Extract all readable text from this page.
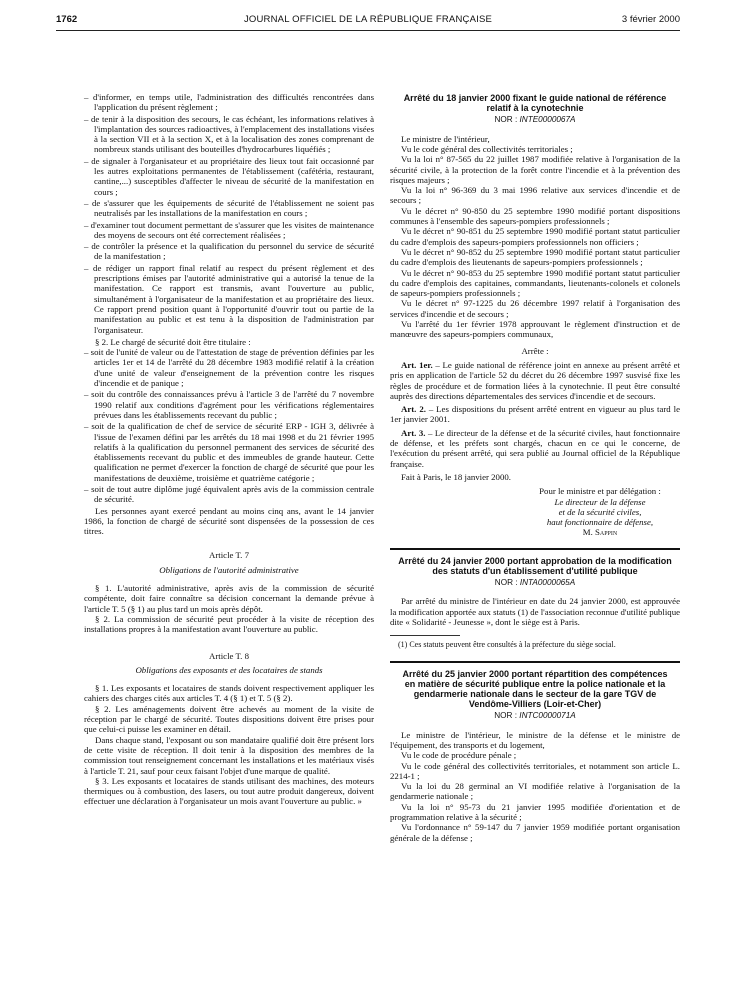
1762	JOURNAL OFFICIEL DE LA RÉPUBLIQUE FRANÇAISE	3 février 2000

– d'informer, en temps utile, l'administration des difficultés rencontrées dans l'application du présent règlement ;

– de tenir à la disposition des secours, le cas échéant, les informations relatives à l'implantation des sources radioactives, à l'emplacement des installations visées à la section VII et à la section X, et à la localisation des zones comprenant de nombreux stands utilisant des bouteilles d'hydrocarbures liquéfiés ;

– de signaler à l'organisateur et au propriétaire des lieux tout fait occasionné par les autres exploitations permanentes de l'établissement (cafétéria, restaurant, cantine,...) susceptibles d'affecter le niveau de sécurité de la manifestation en cours ;

– de s'assurer que les équipements de sécurité de l'établissement ne soient pas neutralisés par les installations de la manifestation en cours ;

– d'examiner tout document permettant de s'assurer que les visites de maintenance des moyens de secours ont été correctement réalisées ;

– de contrôler la présence et la qualification du personnel du service de sécurité de la manifestation ;

– de rédiger un rapport final relatif au respect du présent règlement et des prescriptions émises par l'autorité administrative qui a autorisé la tenue de la manifestation. Ce rapport est transmis, avant l'ouverture au public, simultanément à l'organisateur de la manifestation et au propriétaire des lieux. Ce rapport prend position quant à l'opportunité d'ouvrir tout ou partie de la manifestation au public et est tenu à la disposition de l'administration par l'organisateur.

§ 2. Le chargé de sécurité doit être titulaire :

– soit de l'unité de valeur ou de l'attestation de stage de prévention définies par les articles 1er et 14 de l'arrêté du 28 décembre 1983 modifié relatif à la création d'une unité de valeur d'enseignement de la prévention contre les risques d'incendie et de panique ;

– soit du contrôle des connaissances prévu à l'article 3 de l'arrêté du 7 novembre 1990 relatif aux conditions d'agrément pour les vérifications réglementaires prévues dans les établissements recevant du public ;

– soit de la qualification de chef de service de sécurité ERP - IGH 3, délivrée à l'issue de l'examen défini par les arrêtés du 18 mai 1998 et du 21 février 1995 relatifs à la qualification du personnel permanent des services de sécurité des établissements recevant du public et des immeubles de grande hauteur. Cette qualification ne permet d'exercer la fonction de chargé de sécurité que pour les manifestations de deuxième, troisième et quatrième catégorie ;

– soit de tout autre diplôme jugé équivalent après avis de la commission centrale de sécurité.

Les personnes ayant exercé pendant au moins cinq ans, avant le 14 janvier 1986, la fonction de chargé de sécurité sont dispensées de la possession de ces titres.

Article T. 7
Obligations de l'autorité administrative

§ 1. L'autorité administrative, après avis de la commission de sécurité compétente, doit faire connaître sa décision concernant la demande prévue à l'article T. 5 (§ 1) au plus tard un mois après dépôt.

§ 2. La commission de sécurité peut procéder à la visite de réception des installations propres à la manifestation avant l'ouverture au public.

Article T. 8
Obligations des exposants et des locataires de stands

§ 1. Les exposants et locataires de stands doivent respectivement appliquer les cahiers des charges cités aux articles T. 4 (§ 1) et T. 5 (§ 2).

§ 2. Les aménagements doivent être achevés au moment de la visite de réception par le chargé de sécurité. Toutes dispositions doivent être prises pour que celui-ci puisse les examiner en détail.

Dans chaque stand, l'exposant ou son mandataire qualifié doit être présent lors de cette visite de réception. Il doit tenir à la disposition des membres de la commission tout renseignement concernant les installations et les matériaux visés à l'article T. 21, sauf pour ceux faisant l'objet d'une marque de qualité.

§ 3. Les exposants et locataires de stands utilisant des machines, des moteurs thermiques ou à combustion, des lasers, ou tout autre produit dangereux, doivent effectuer une déclaration à l'organisateur un mois avant l'ouverture au public. »

Arrêté du 18 janvier 2000 fixant le guide national de référence relatif à la cynotechnie
NOR : INTE0000067A

Le ministre de l'intérieur,

Vu le code général des collectivités territoriales ;

Vu la loi n° 87-565 du 22 juillet 1987 modifiée relative à l'organisation de la sécurité civile, à la protection de la forêt contre l'incendie et à la prévention des risques majeurs ;

Vu la loi n° 96-369 du 3 mai 1996 relative aux services d'incendie et de secours ;

Vu le décret n° 90-850 du 25 septembre 1990 modifié portant dispositions communes à l'ensemble des sapeurs-pompiers professionnels ;

Vu le décret n° 90-851 du 25 septembre 1990 modifié portant statut particulier du cadre d'emplois des sapeurs-pompiers professionnels non officiers ;

Vu le décret n° 90-852 du 25 septembre 1990 modifié portant statut particulier du cadre d'emplois des lieutenants de sapeurs-pompiers professionnels ;

Vu le décret n° 90-853 du 25 septembre 1990 modifié portant statut particulier du cadre d'emplois des capitaines, commandants, lieutenants-colonels et colonels de sapeurs-pompiers professionnels ;

Vu le décret n° 97-1225 du 26 décembre 1997 relatif à l'organisation des services d'incendie et de secours ;

Vu l'arrêté du 1er février 1978 approuvant le règlement d'instruction et de manœuvre des sapeurs-pompiers communaux,

Arrête :

Art. 1er. – Le guide national de référence joint en annexe au présent arrêté et pris en application de l'article 52 du décret du 26 décembre 1997 susvisé fixe les règles de procédure et de formation liées à la cynotechnie. Il peut être consulté auprès des directions départementales des services d'incendie et de secours.

Art. 2. – Les dispositions du présent arrêté entrent en vigueur au plus tard le 1er janvier 2001.

Art. 3. – Le directeur de la défense et de la sécurité civiles, haut fonctionnaire de défense, et les préfets sont chargés, chacun en ce qui le concerne, de l'exécution du présent arrêté, qui sera publié au Journal officiel de la République française.

Fait à Paris, le 18 janvier 2000.

Pour le ministre et par délégation :
Le directeur de la défense
et de la sécurité civiles,
haut fonctionnaire de défense,
M. Sappin
Arrêté du 24 janvier 2000 portant approbation de la modification des statuts d'un établissement d'utilité publique
NOR : INTA0000065A

Par arrêté du ministre de l'intérieur en date du 24 janvier 2000, est approuvée la modification apportée aux statuts (1) de l'association reconnue d'utilité publique dite « Solidarité - Jeunesse », dont le siège est à Paris.

(1) Ces statuts peuvent être consultés à la préfecture du siège social.

Arrêté du 25 janvier 2000 portant répartition des compétences en matière de sécurité publique entre la police nationale et la gendarmerie nationale dans le secteur de la gare TGV de Vendôme-Villiers (Loir-et-Cher)
NOR : INTC0000071A

Le ministre de l'intérieur, le ministre de la défense et le ministre de l'équipement, des transports et du logement,

Vu le code de procédure pénale ;

Vu le code général des collectivités territoriales, et notamment son article L. 2214-1 ;

Vu la loi du 28 germinal an VI modifiée relative à l'organisation de la gendarmerie nationale ;

Vu la loi n° 95-73 du 21 janvier 1995 modifiée d'orientation et de programmation relative à la sécurité ;

Vu l'ordonnance n° 59-147 du 7 janvier 1959 modifiée portant organisation générale de la défense ;
